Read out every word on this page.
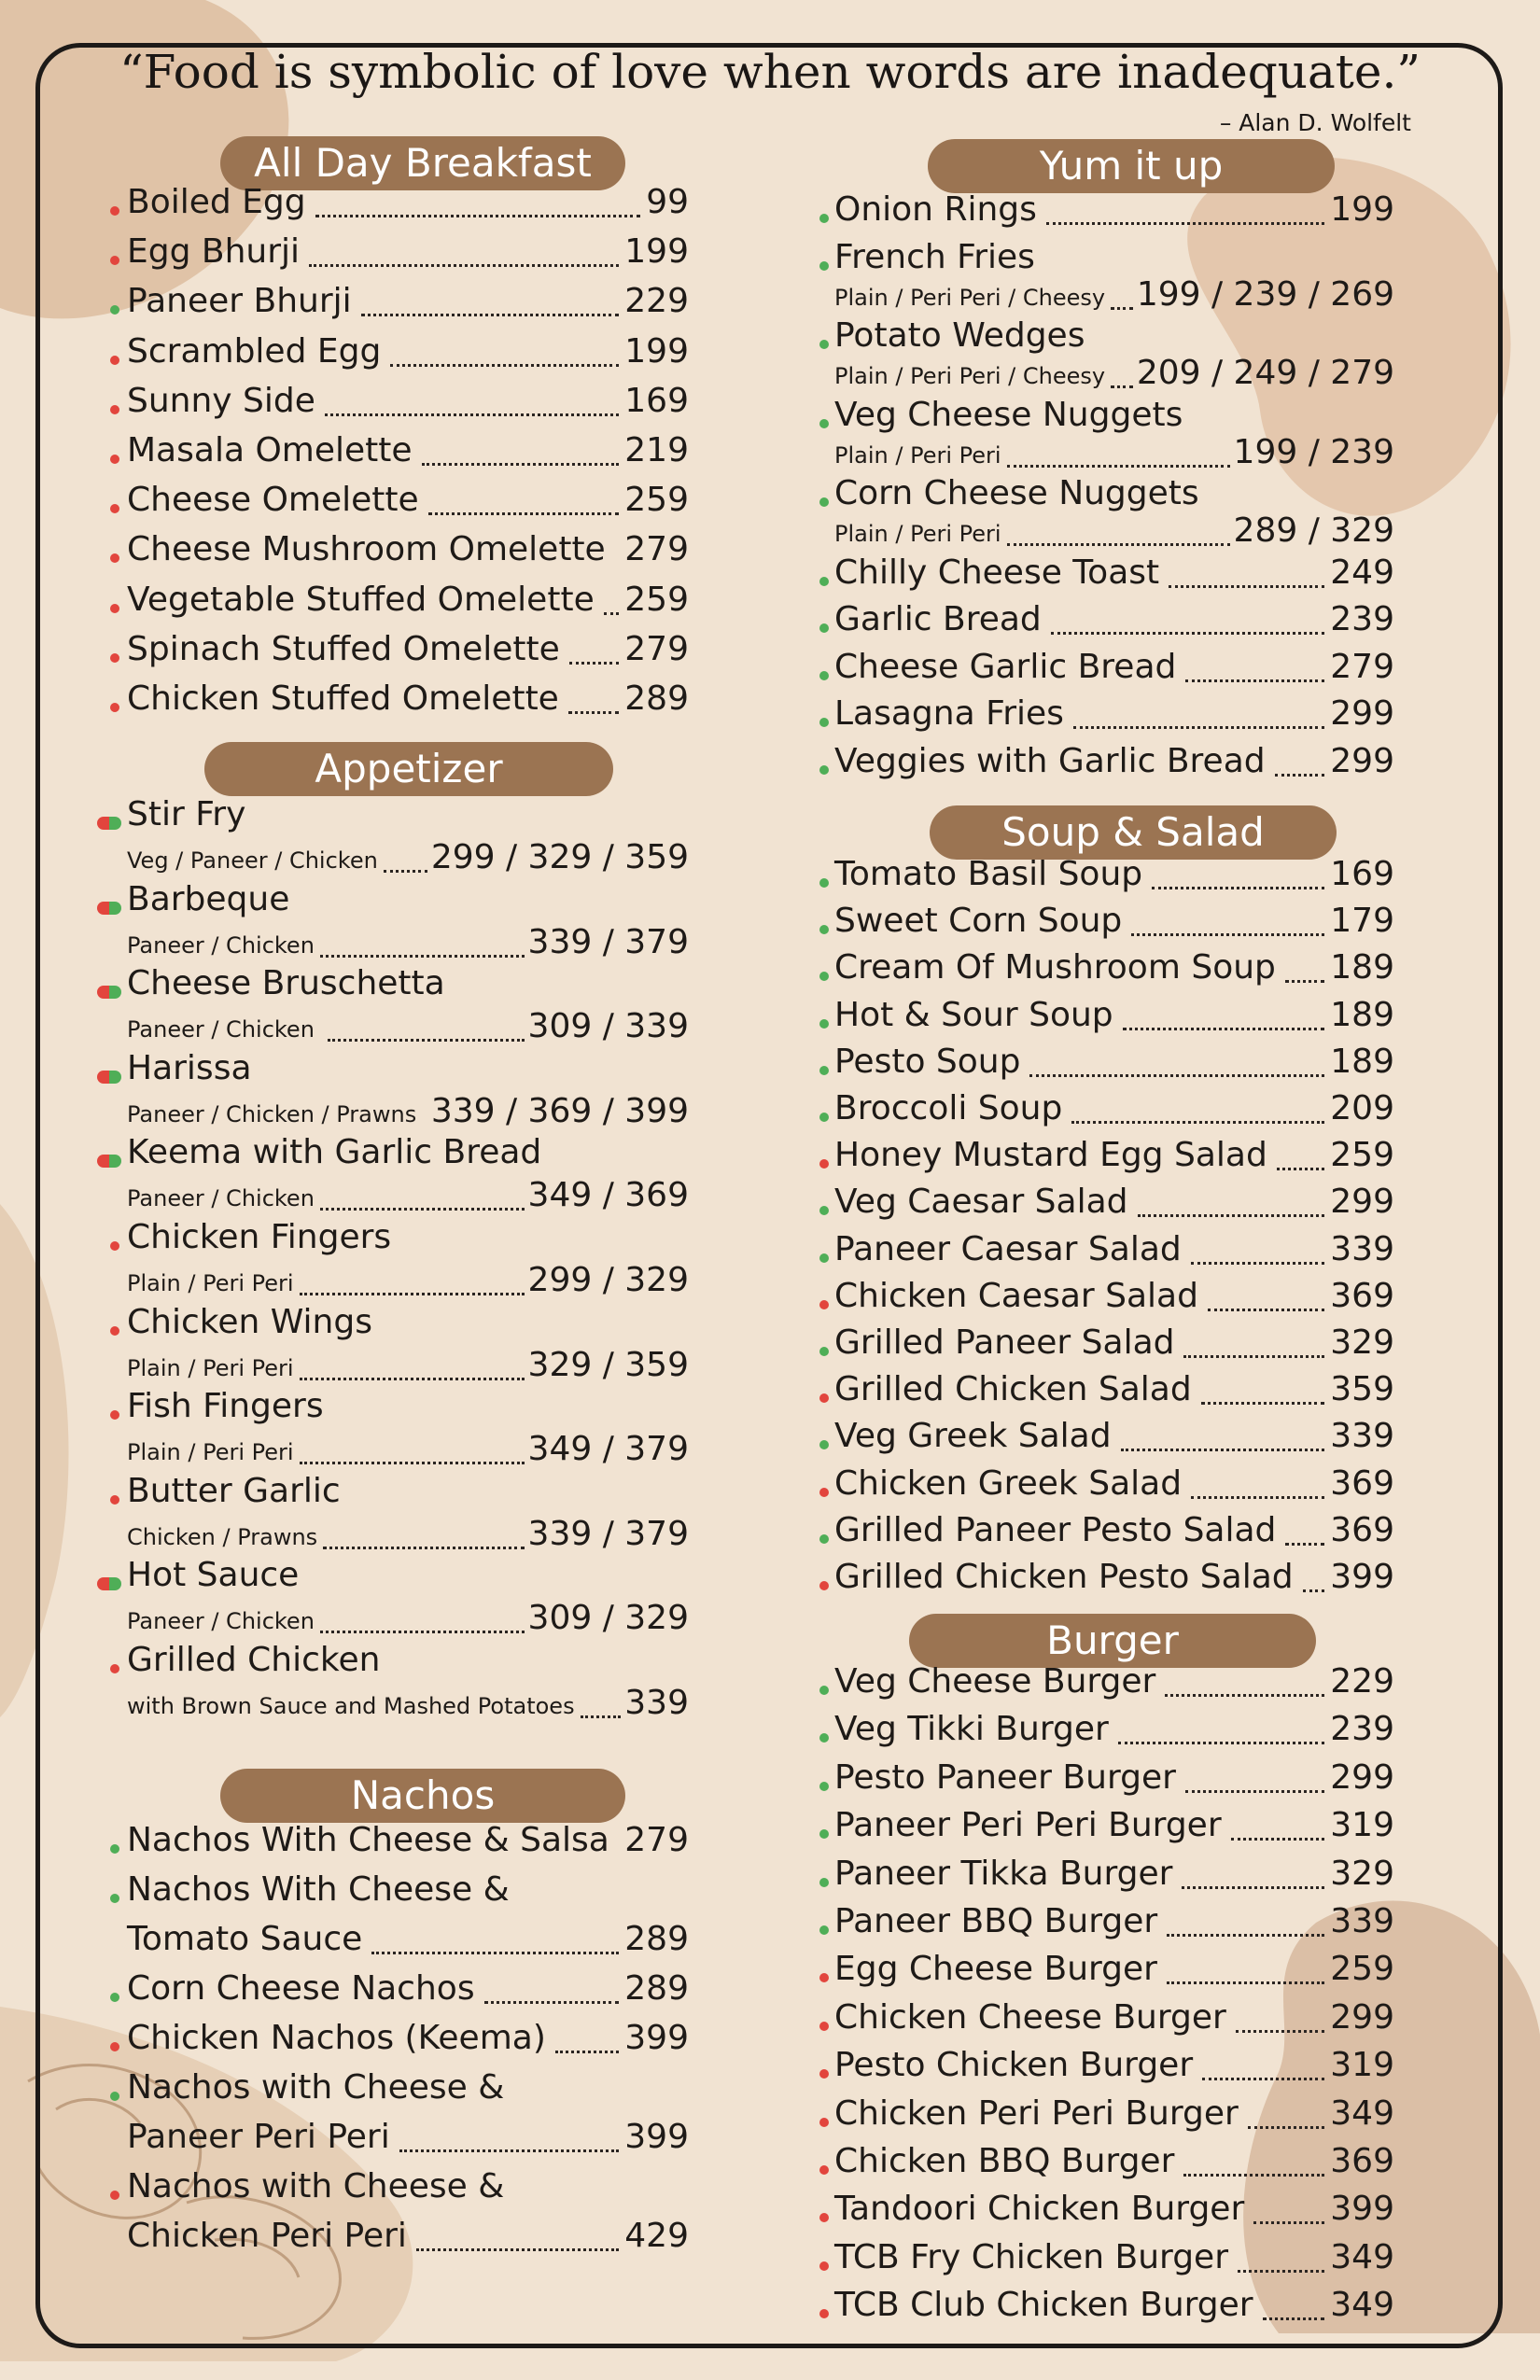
“Food is symbolic of love when words are inadequate.”
– Alan D. Wolfelt
All Day Breakfast
Boiled Egg	99
Egg Bhurji	199
Paneer Bhurji	229
Scrambled Egg	199
Sunny Side	169
Masala Omelette	219
Cheese Omelette	259
Cheese Mushroom Omelette 279
Vegetable Stuffed Omelette 259
Spinach Stuffed Omelette 279
Chicken Stuffed Omelette 289
Appetizer
Stir Fry
Veg / Paneer / Chicken 299 / 329 / 359
Barbeque
Paneer / Chicken	339 / 379
Cheese Bruschetta
Paneer / Chicken	309 / 339
Harissa
Paneer / Chicken / Prawns 339 / 369 / 399
Keema with Garlic Bread
Paneer / Chicken	349 / 369
Chicken Fingers
Plain / Peri Peri	299 / 329
Chicken Wings
Plain / Peri Peri	329 / 359
Fish Fingers
Plain / Peri Peri	349 / 379
Butter Garlic
Chicken / Prawns	339 / 379
Hot Sauce
Paneer / Chicken	309 / 329
Grilled Chicken
with Brown Sauce and Mashed Potatoes 339
Nachos
Nachos With Cheese & Salsa 279
Nachos With Cheese &
Tomato Sauce	289
Corn Cheese Nachos	289
Chicken Nachos (Keema) 399
Nachos with Cheese &
Paneer Peri Peri	399
Nachos with Cheese &
Chicken Peri Peri	429
Yum it up
Onion Rings	199
French Fries
Plain / Peri Peri / Cheesy 199 / 239 / 269
Potato Wedges
Plain / Peri Peri / Cheesy 209 / 249 / 279
Veg Cheese Nuggets
Plain / Peri Peri	199 / 239
Corn Cheese Nuggets
Plain / Peri Peri	289 / 329
Chilly Cheese Toast	249
Garlic Bread	239
Cheese Garlic Bread	279
Lasagna Fries	299
Veggies with Garlic Bread 299
Soup & Salad
Tomato Basil Soup	169
Sweet Corn Soup	179
Cream Of Mushroom Soup 189
Hot & Sour Soup	189
Pesto Soup	189
Broccoli Soup	209
Honey Mustard Egg Salad 259
Veg Caesar Salad	299
Paneer Caesar Salad	339
Chicken Caesar Salad	369
Grilled Paneer Salad	329
Grilled Chicken Salad	359
Veg Greek Salad	339
Chicken Greek Salad	369
Grilled Paneer Pesto Salad 369
Grilled Chicken Pesto Salad 399
Burger
Veg Cheese Burger	229
Veg Tikki Burger	239
Pesto Paneer Burger	299
Paneer Peri Peri Burger	319
Paneer Tikka Burger	329
Paneer BBQ Burger	339
Egg Cheese Burger	259
Chicken Cheese Burger	299
Pesto Chicken Burger	319
Chicken Peri Peri Burger	349
Chicken BBQ Burger	369
Tandoori Chicken Burger	399
TCB Fry Chicken Burger	349
TCB Club Chicken Burger 349
